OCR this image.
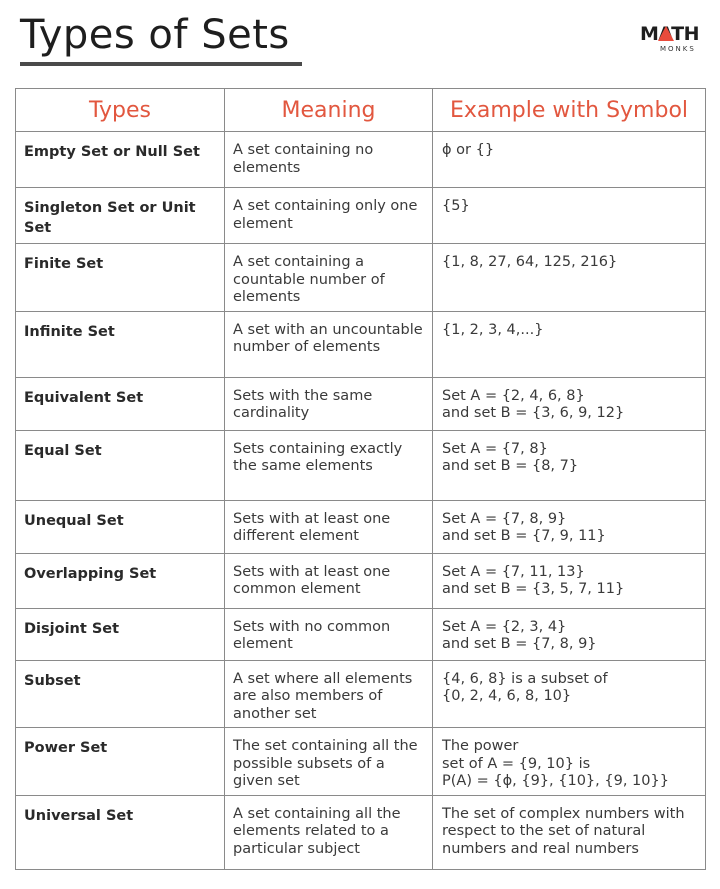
Types of Sets	MATH
MONKS
Types	Meaning	Example with Symbol

Empty Set or Null Set	A set containing no elements	ϕ or {}

Singleton Set or Unit Set	A set containing only one element	{5}

Finite Set	A set containing a countable number of elements	{1, 8, 27, 64, 125, 216}

Infinite Set	A set with an uncountable number of elements	{1, 2, 3, 4,...}

Equivalent Set	Sets with the same cardinality	Set A = {2, 4, 6, 8}
and set B = {3, 6, 9, 12}

Equal Set	Sets containing exactly the same elements	Set A = {7, 8}
and set B = {8, 7}

Unequal Set	Sets with at least one different element	Set A = {7, 8, 9}
and set B = {7, 9, 11}

Overlapping Set	Sets with at least one common element	Set A = {7, 11, 13}
and set B = {3, 5, 7, 11}

Disjoint Set	Sets with no common element	Set A = {2, 3, 4}
and set B = {7, 8, 9}

Subset	A set where all elements are also members of another set	{4, 6, 8} is a subset of
{0, 2, 4, 6, 8, 10}

Power Set	The set containing all the possible subsets of a given set	The power
set of A = {9, 10} is
P(A) = {ϕ, {9}, {10}, {9, 10}}

Universal Set	A set containing all the elements related to a particular subject	The set of complex numbers with respect to the set of natural numbers and real numbers
